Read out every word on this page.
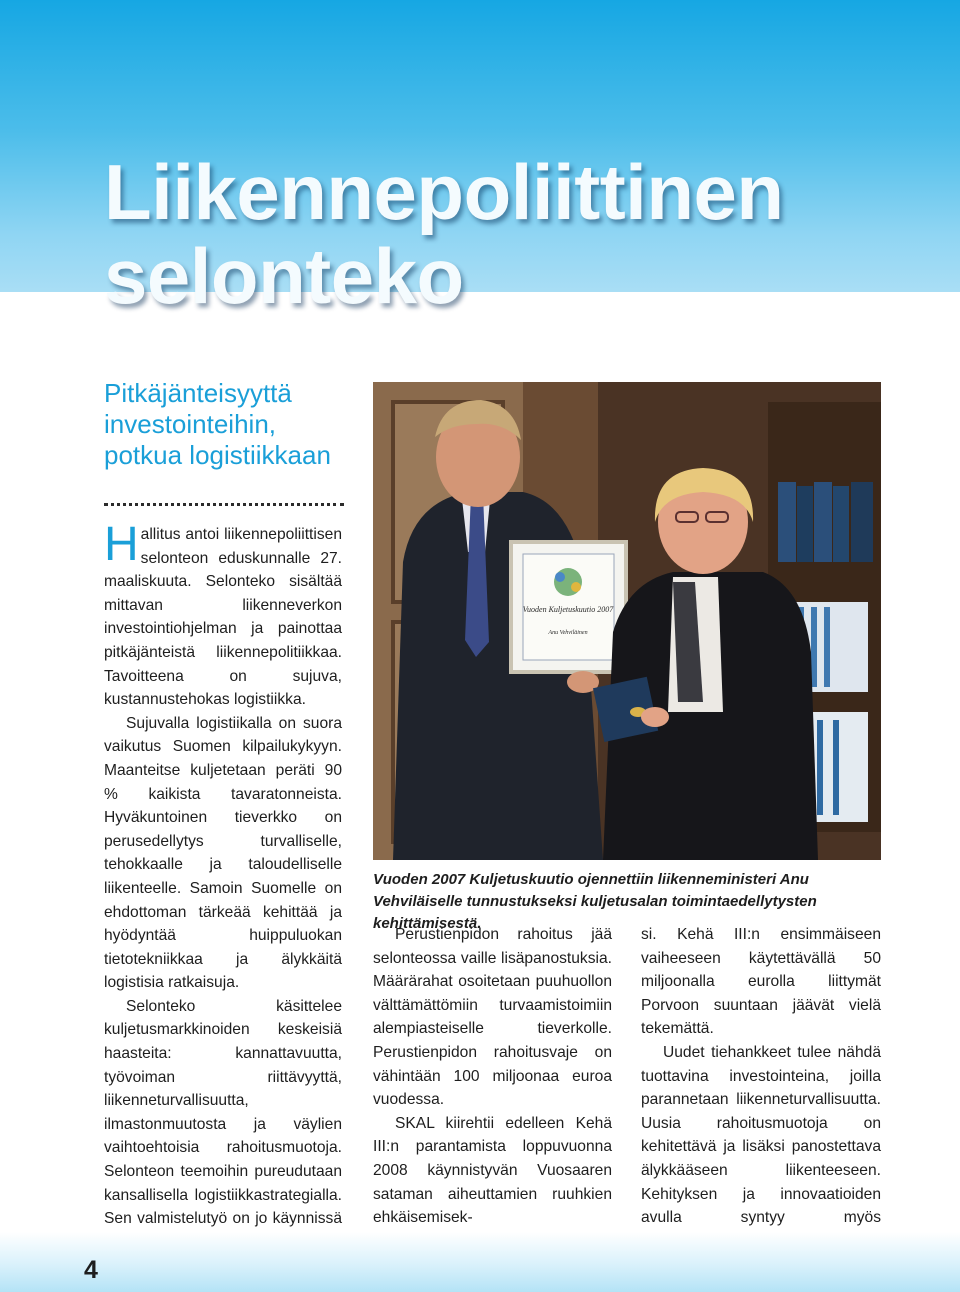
Liikennepoliittinen
selonteko
Pitkäjänteisyyttä investointeihin, potkua logistiikkaan

Hallitus antoi liikennepoliittisen selonteon eduskunnalle 27. maaliskuuta. Selonteko sisältää mittavan liikenneverkon investointiohjelman ja painottaa pitkäjänteistä liikennepolitiikkaa. Tavoitteena on sujuva, kustannustehokas logistiikka.

Sujuvalla logistiikalla on suora vaikutus Suomen kilpailukykyyn. Maanteitse kuljetetaan peräti 90 % kaikista tavaratonneista. Hyväkuntoinen tieverkko on perusedellytys turvalliselle, tehokkaalle ja taloudelliselle liikenteelle. Samoin Suomelle on ehdottoman tärkeää kehittää ja hyödyntää huippuluokan tietotekniikkaa ja älykkäitä logistisia ratkaisuja.

Selonteko käsittelee kuljetusmarkkinoiden keskeisiä haasteita: kannattavuutta, työvoiman riittävyyttä, liikenneturvallisuutta, ilmastonmuutosta ja väylien vaihtoehtoisia rahoitusmuotoja. Selonteon teemoihin pureudutaan kansallisella logistiikkastrategialla. Sen valmistelutyö on jo käynnissä

Vuoden Kuljetuskuutio 2007
Anu Vehviläinen
Vuoden 2007 Kuljetuskuutio ojennettiin liikenneministeri Anu Vehviläiselle tunnustukseksi kuljetusalan toimintaedellytysten kehittämisestä.

Perustienpidon rahoitus jää selonteossa vaille lisäpanostuksia. Määrärahat osoitetaan puuhuollon välttämättömiin turvaamistoimiin alempiasteiselle tieverkolle. Perustienpidon rahoitusvaje on vähintään 100 miljoonaa euroa vuodessa.

SKAL kiirehtii edelleen Kehä III:n parantamista loppuvuonna 2008 käynnistyvän Vuosaaren sataman aiheuttamien ruuhkien ehkäisemisek-

si. Kehä III:n ensimmäiseen vaiheeseen käytettävällä 50 miljoonalla eurolla liittymät Porvoon suuntaan jäävät vielä tekemättä.

Uudet tiehankkeet tulee nähdä tuottavina investointeina, joilla parannetaan liikenneturvallisuutta. Uusia rahoitusmuotoja on kehitettävä ja lisäksi panostettava älykkääseen liikenteeseen. Kehityksen ja innovaatioiden avulla syntyy myös

4
